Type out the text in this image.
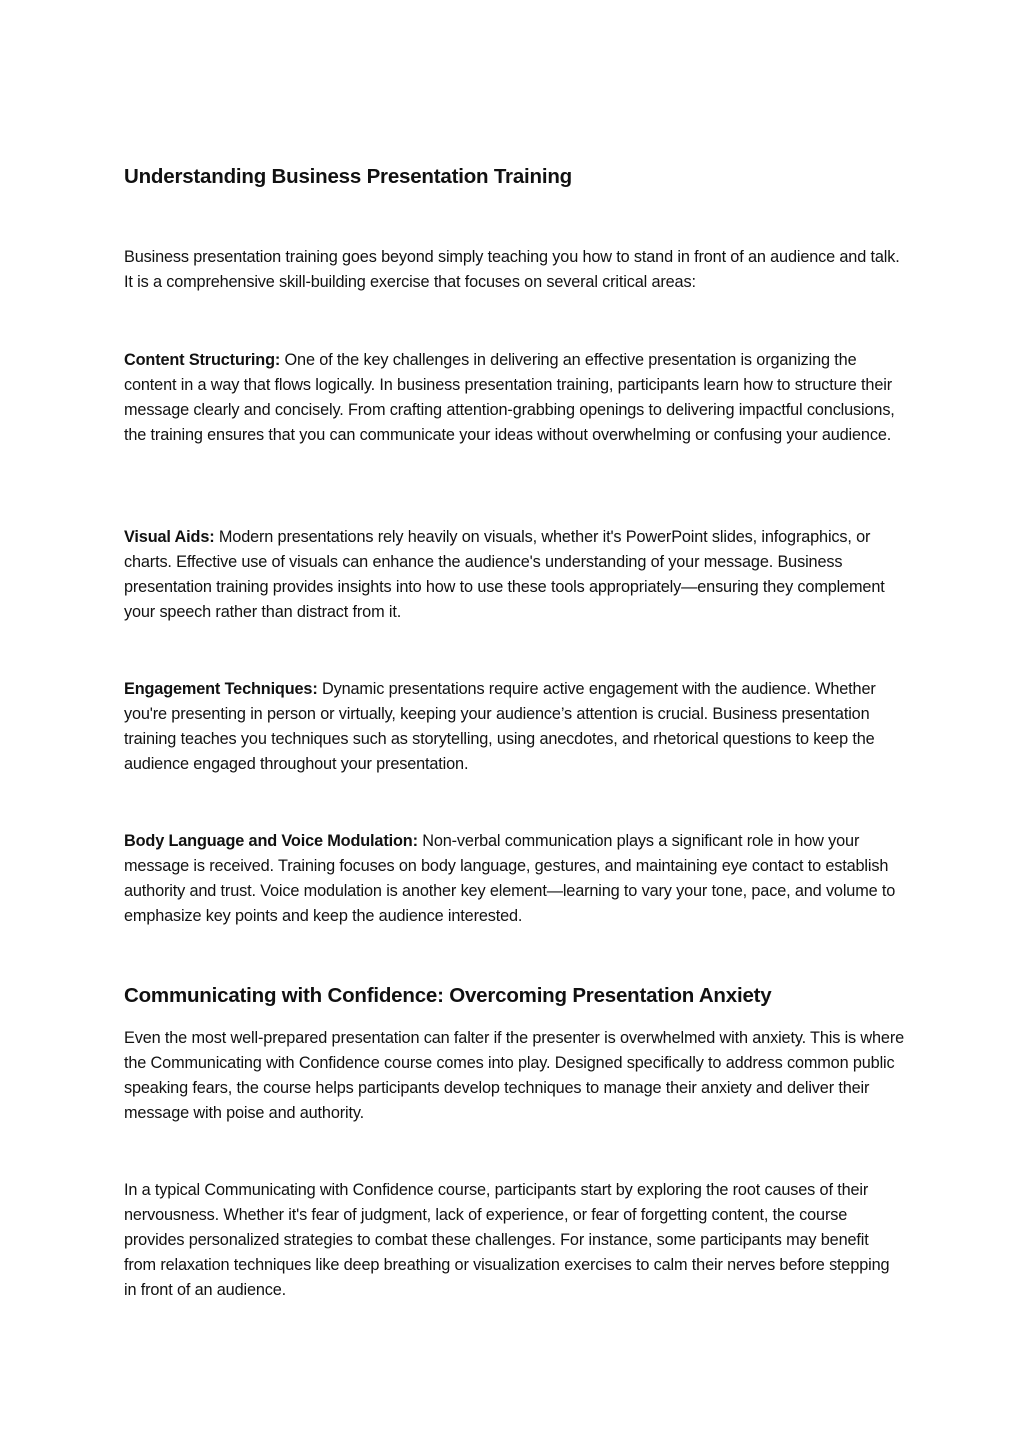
Understanding Business Presentation Training

Business presentation training goes beyond simply teaching you how to stand in front of an audience and talk. It is a comprehensive skill-building exercise that focuses on several critical areas:

Content Structuring: One of the key challenges in delivering an effective presentation is organizing the content in a way that flows logically. In business presentation training, participants learn how to structure their message clearly and concisely. From crafting attention-grabbing openings to delivering impactful conclusions, the training ensures that you can communicate your ideas without overwhelming or confusing your audience.

Visual Aids: Modern presentations rely heavily on visuals, whether it's PowerPoint slides, infographics, or charts. Effective use of visuals can enhance the audience's understanding of your message. Business presentation training provides insights into how to use these tools appropriately—ensuring they complement your speech rather than distract from it.

Engagement Techniques: Dynamic presentations require active engagement with the audience. Whether you're presenting in person or virtually, keeping your audience’s attention is crucial. Business presentation training teaches you techniques such as storytelling, using anecdotes, and rhetorical questions to keep the audience engaged throughout your presentation.

Body Language and Voice Modulation: Non-verbal communication plays a significant role in how your message is received. Training focuses on body language, gestures, and maintaining eye contact to establish authority and trust. Voice modulation is another key element—learning to vary your tone, pace, and volume to emphasize key points and keep the audience interested.

Communicating with Confidence: Overcoming Presentation Anxiety

Even the most well-prepared presentation can falter if the presenter is overwhelmed with anxiety. This is where the Communicating with Confidence course comes into play. Designed specifically to address common public speaking fears, the course helps participants develop techniques to manage their anxiety and deliver their message with poise and authority.

In a typical Communicating with Confidence course, participants start by exploring the root causes of their nervousness. Whether it's fear of judgment, lack of experience, or fear of forgetting content, the course provides personalized strategies to combat these challenges. For instance, some participants may benefit from relaxation techniques like deep breathing or visualization exercises to calm their nerves before stepping in front of an audience.
